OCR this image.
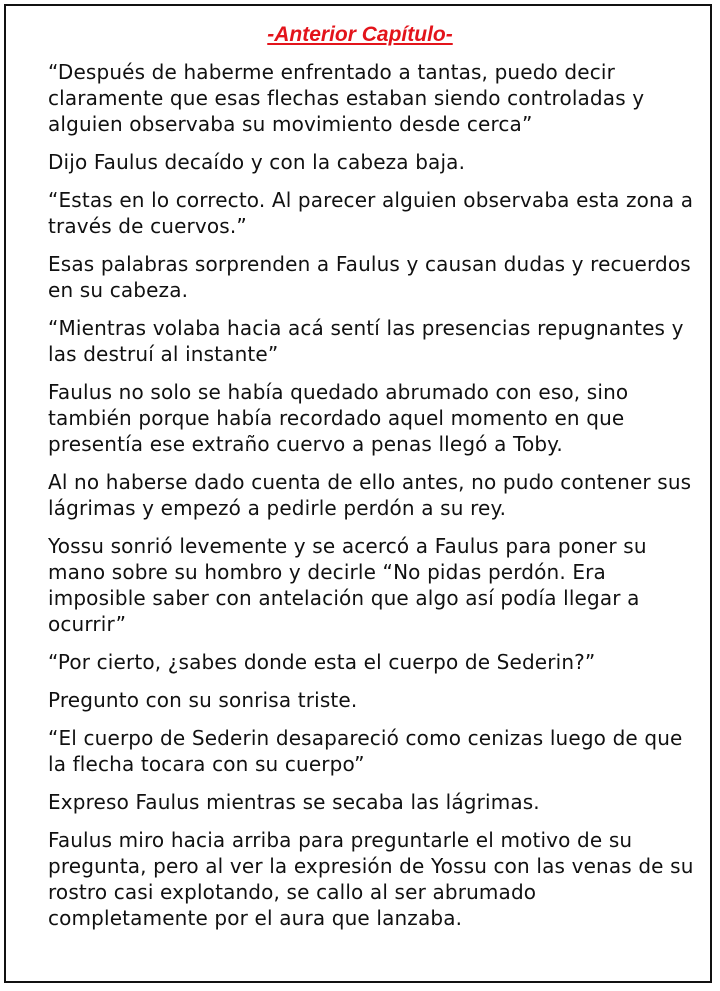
-Anterior Capítulo-

“Después de haberme enfrentado a tantas, puedo decir claramente que esas flechas estaban siendo controladas y alguien observaba su movimiento desde cerca”

Dijo Faulus decaído y con la cabeza baja.

“Estas en lo correcto. Al parecer alguien observaba esta zona a través de cuervos.”

Esas palabras sorprenden a Faulus y causan dudas y recuerdos en su cabeza.

“Mientras volaba hacia acá sentí las presencias repugnantes y las destruí al instante”

Faulus no solo se había quedado abrumado con eso, sino también porque había recordado aquel momento en que presentía ese extraño cuervo a penas llegó a Toby.

Al no haberse dado cuenta de ello antes, no pudo contener sus lágrimas y empezó a pedirle perdón a su rey.

Yossu sonrió levemente y se acercó a Faulus para poner su mano sobre su hombro y decirle “No pidas perdón. Era imposible saber con antelación que algo así podía llegar a ocurrir”

“Por cierto, ¿sabes donde esta el cuerpo de Sederin?”

Pregunto con su sonrisa triste.

“El cuerpo de Sederin desapareció como cenizas luego de que la flecha tocara con su cuerpo”

Expreso Faulus mientras se secaba las lágrimas.

Faulus miro hacia arriba para preguntarle el motivo de su pregunta, pero al ver la expresión de Yossu con las venas de su rostro casi explotando, se callo al ser abrumado completamente por el aura que lanzaba.
